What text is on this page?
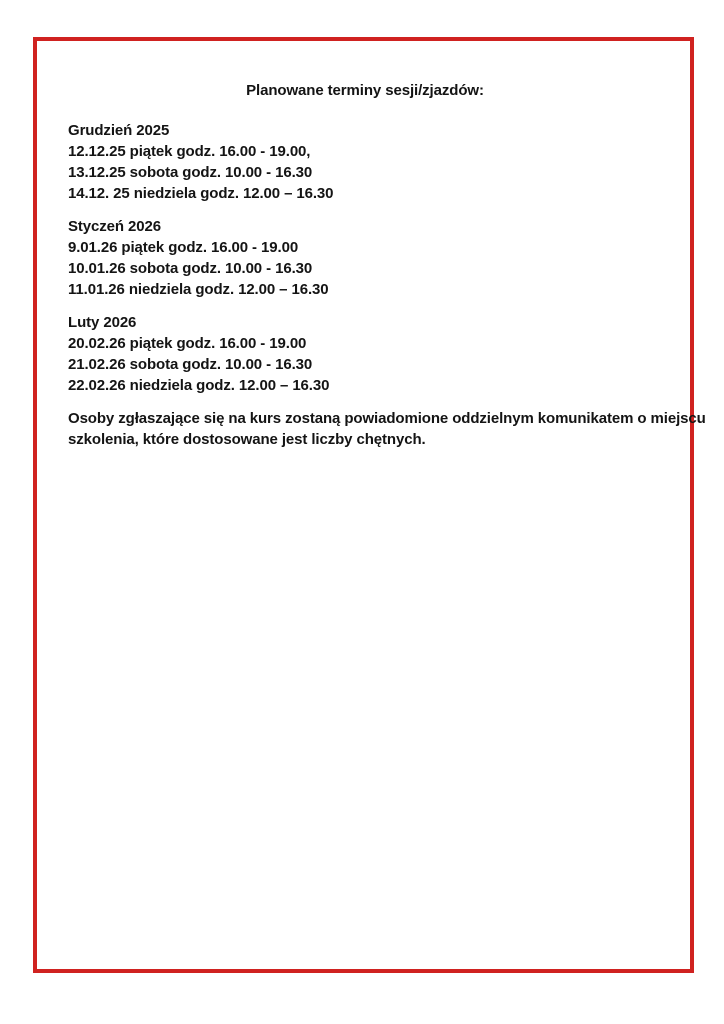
Planowane terminy sesji/zjazdów:
Grudzień 2025
12.12.25 piątek godz. 16.00 - 19.00,
13.12.25 sobota godz. 10.00 - 16.30
14.12. 25 niedziela godz. 12.00 – 16.30
Styczeń 2026
9.01.26 piątek godz. 16.00 - 19.00
10.01.26 sobota godz. 10.00 - 16.30
11.01.26 niedziela godz. 12.00 – 16.30
Luty 2026
20.02.26 piątek godz. 16.00 - 19.00
21.02.26 sobota godz. 10.00 - 16.30
22.02.26 niedziela godz. 12.00 – 16.30
Osoby zgłaszające się na kurs zostaną powiadomione oddzielnym komunikatem o miejscu
szkolenia, które dostosowane jest liczby chętnych.
